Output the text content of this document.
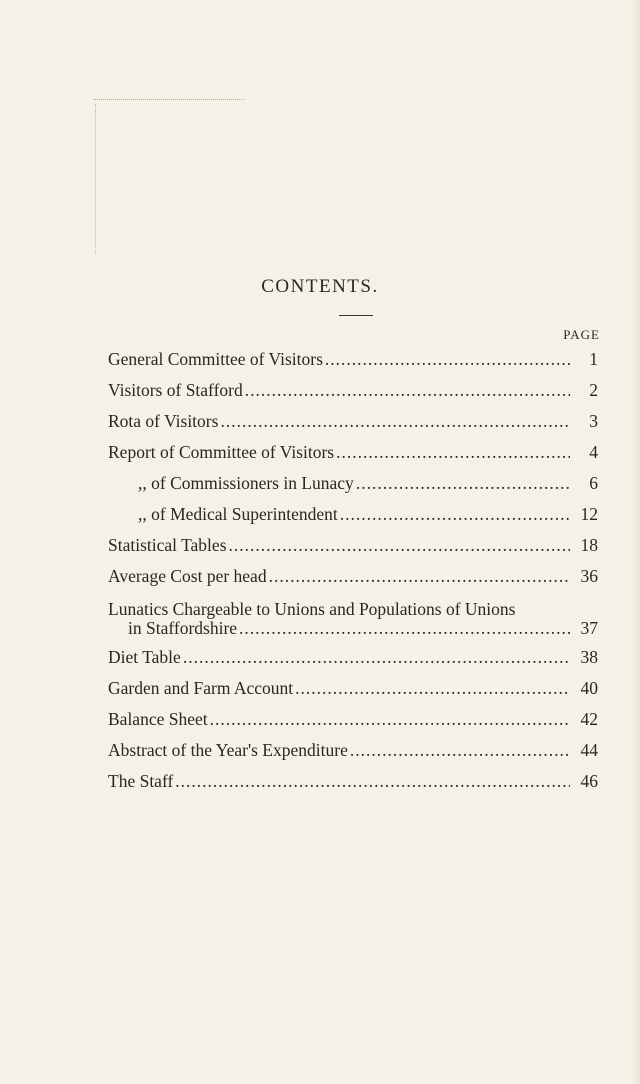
CONTENTS.
PAGE
General Committee of Visitors .....	1
Visitors of Stafford .....	2
Rota of Visitors .....	3
Report of Committee of Visitors .....	4
,, of Commissioners in Lunacy .....	6
,, of Medical Superintendent .....	12
Statistical Tables .....	18
Average Cost per head .....	36
Lunatics Chargeable to Unions and Populations of Unions
in Staffordshire .....	37
Diet Table .....	38
Garden and Farm Account .....	40
Balance Sheet .....	42
Abstract of the Year's Expenditure .....	44
The Staff .....	46
